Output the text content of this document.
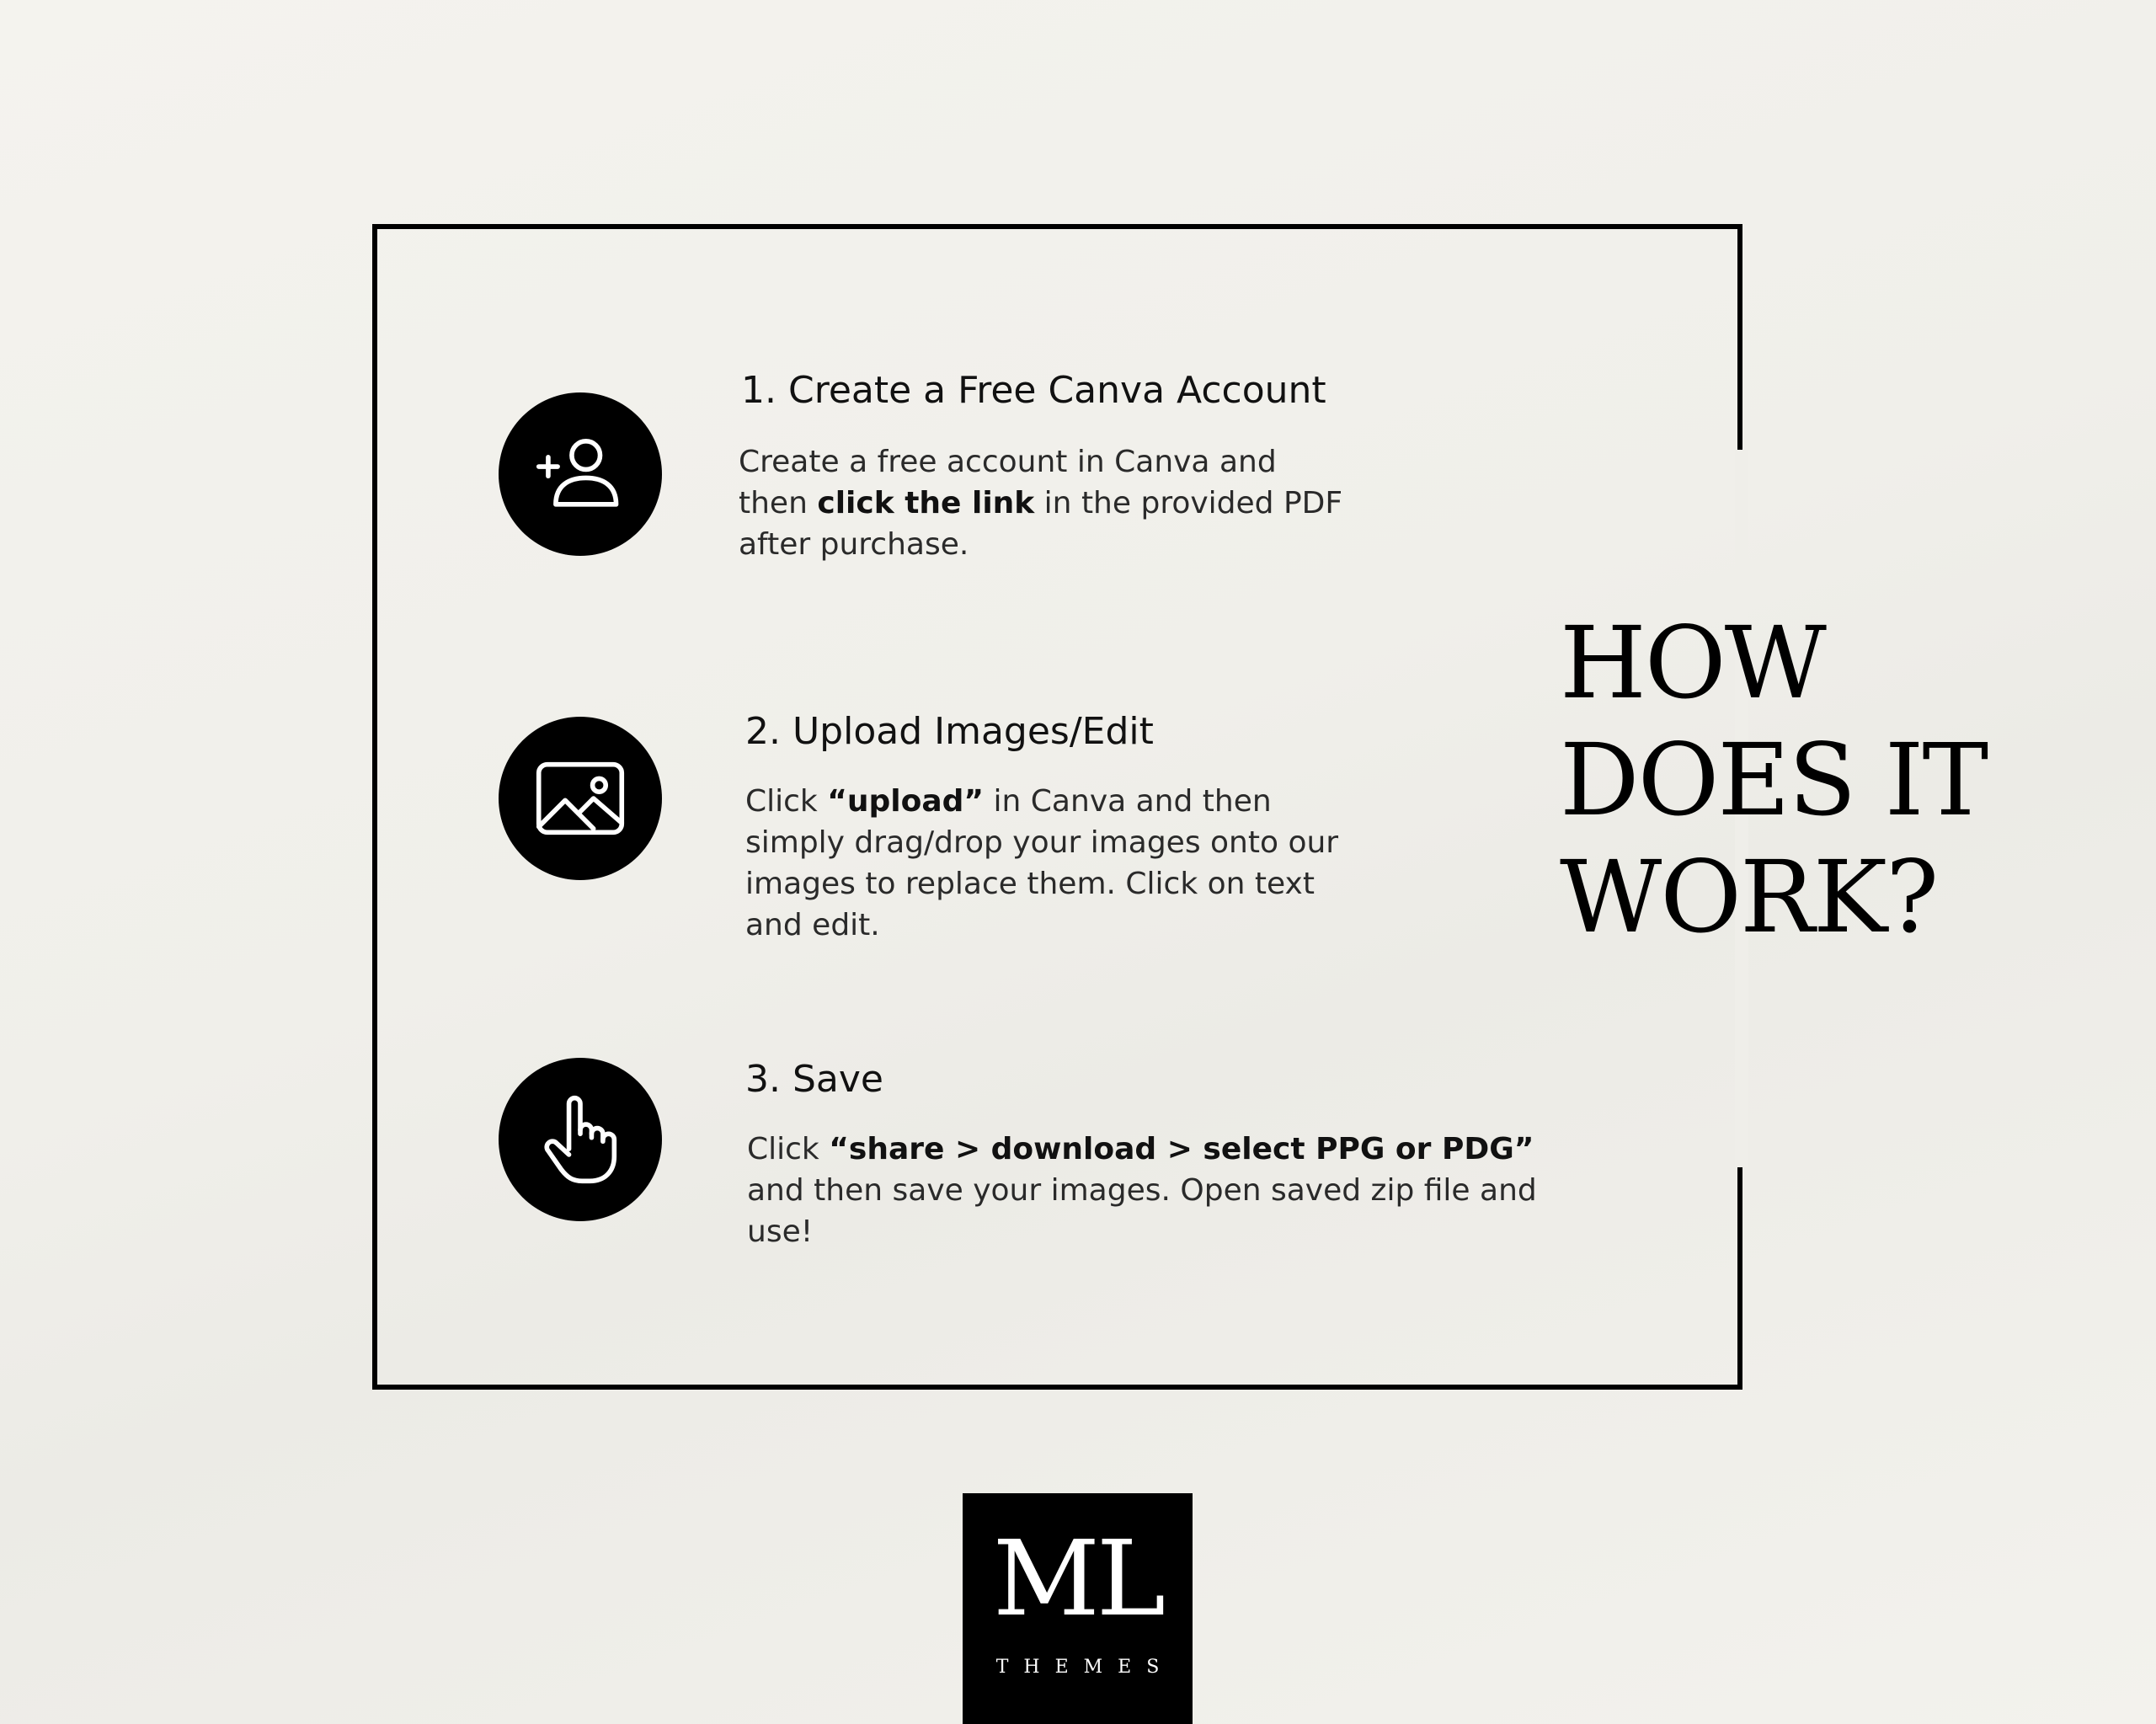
1. Create a Free Canva Account

Create a free account in Canva and then click the link in the provided PDF after purchase.

2. Upload Images/Edit

Click “upload” in Canva and then simply drag/drop your images onto our images to replace them. Click on text and edit.

3. Save

Click “share > download > select PPG or PDG” and then save your images. Open saved zip file and use!

HOW
DOES IT
WORK?
ML
THEMES
